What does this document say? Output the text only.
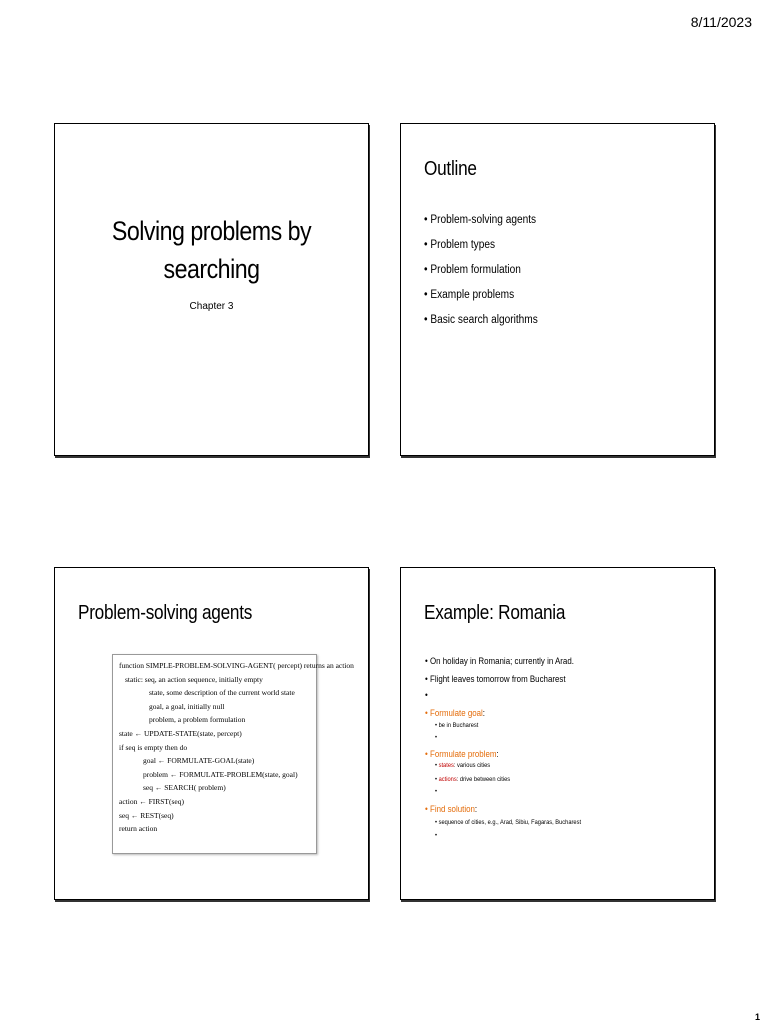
8/11/2023
Solving problems by
searching
Chapter 3
Outline
• Problem-solving agents
• Problem types
• Problem formulation
• Example problems
• Basic search algorithms
Problem-solving agents
function SIMPLE-PROBLEM-SOLVING-AGENT( percept) returns an action
static: seq, an action sequence, initially empty
state, some description of the current world state
goal, a goal, initially null
problem, a problem formulation
state ← UPDATE-STATE(state, percept)
if seq is empty then do
goal ← FORMULATE-GOAL(state)
problem ← FORMULATE-PROBLEM(state, goal)
seq ← SEARCH( problem)
action ← FIRST(seq)
seq ← REST(seq)
return action
Example: Romania
• On holiday in Romania; currently in Arad.
• Flight leaves tomorrow from Bucharest
•
• Formulate goal:
• be in Bucharest
•
• Formulate problem:
• states: various cities
• actions: drive between cities
•
• Find solution:
• sequence of cities, e.g., Arad, Sibiu, Fagaras, Bucharest
•
1
